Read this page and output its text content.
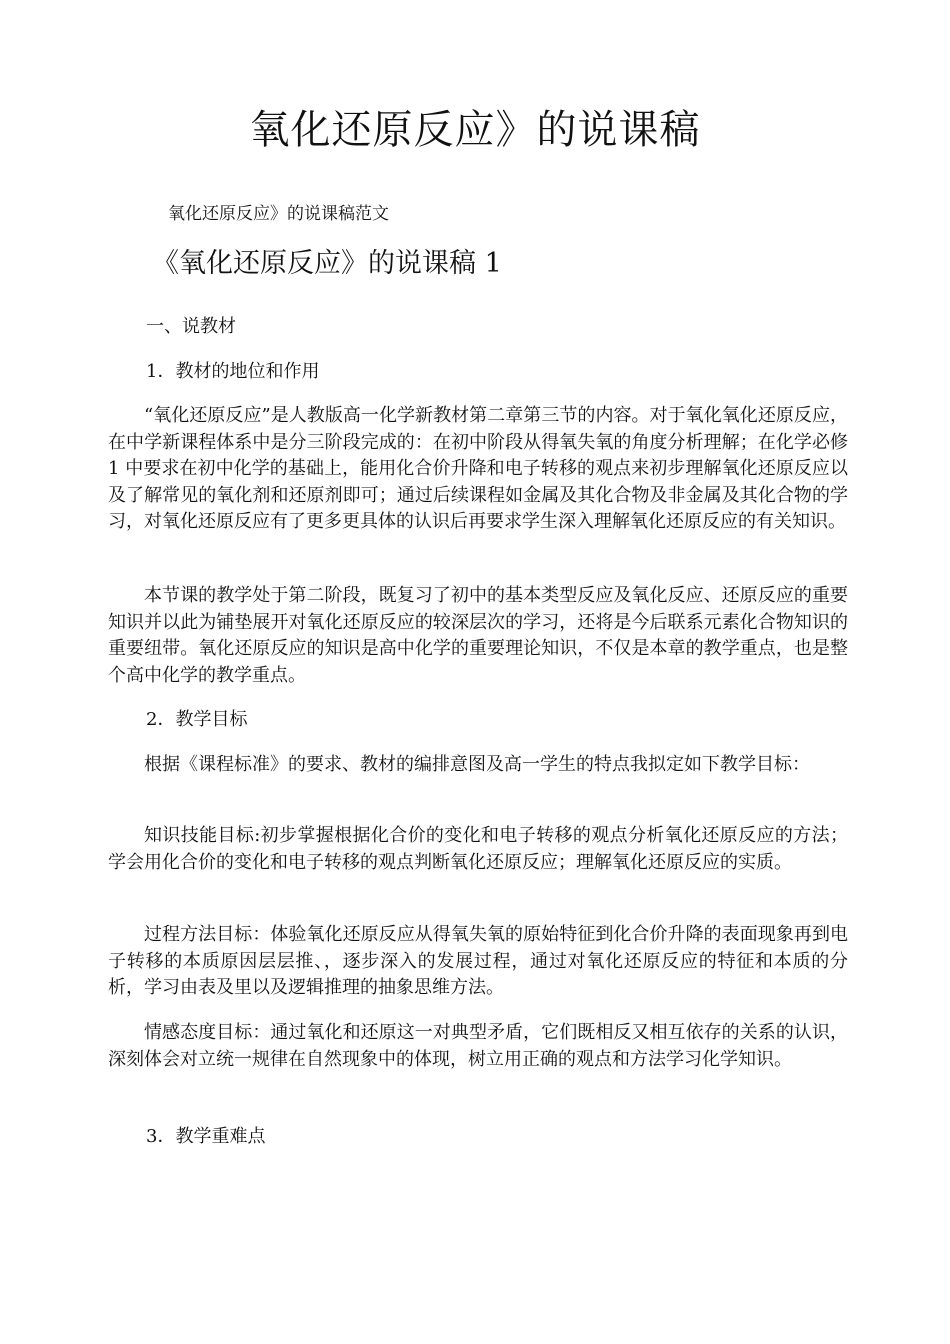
氧化还原反应》的说课稿

氧化还原反应》的说课稿范文

《氧化还原反应》的说课稿 1

一、说教材

1．教材的地位和作用

“氧化还原反应”是人教版高一化学新教材第二章第三节的内容。对于氧化氧化还原反应，在中学新课程体系中是分三阶段完成的：在初中阶段从得氧失氧的角度分析理解；在化学必修 1 中要求在初中化学的基础上，能用化合价升降和电子转移的观点来初步理解氧化还原反应以及了解常见的氧化剂和还原剂即可；通过后续课程如金属及其化合物及非金属及其化合物的学习，对氧化还原反应有了更多更具体的认识后再要求学生深入理解氧化还原反应的有关知识。

本节课的教学处于第二阶段，既复习了初中的基本类型反应及氧化反应、还原反应的重要知识并以此为铺垫展开对氧化还原反应的较深层次的学习，还将是今后联系元素化合物知识的重要纽带。氧化还原反应的知识是高中化学的重要理论知识，不仅是本章的教学重点，也是整个高中化学的教学重点。

2．教学目标

根据《课程标准》的要求、教材的编排意图及高一学生的特点我拟定如下教学目标：

知识技能目标:初步掌握根据化合价的变化和电子转移的观点分析氧化还原反应的方法；学会用化合价的变化和电子转移的观点判断氧化还原反应；理解氧化还原反应的实质。

过程方法目标：体验氧化还原反应从得氧失氧的原始特征到化合价升降的表面现象再到电子转移的本质原因层层推、，逐步深入的发展过程，通过对氧化还原反应的特征和本质的分析，学习由表及里以及逻辑推理的抽象思维方法。

情感态度目标：通过氧化和还原这一对典型矛盾，它们既相反又相互依存的关系的认识，深刻体会对立统一规律在自然现象中的体现，树立用正确的观点和方法学习化学知识。

3．教学重难点
